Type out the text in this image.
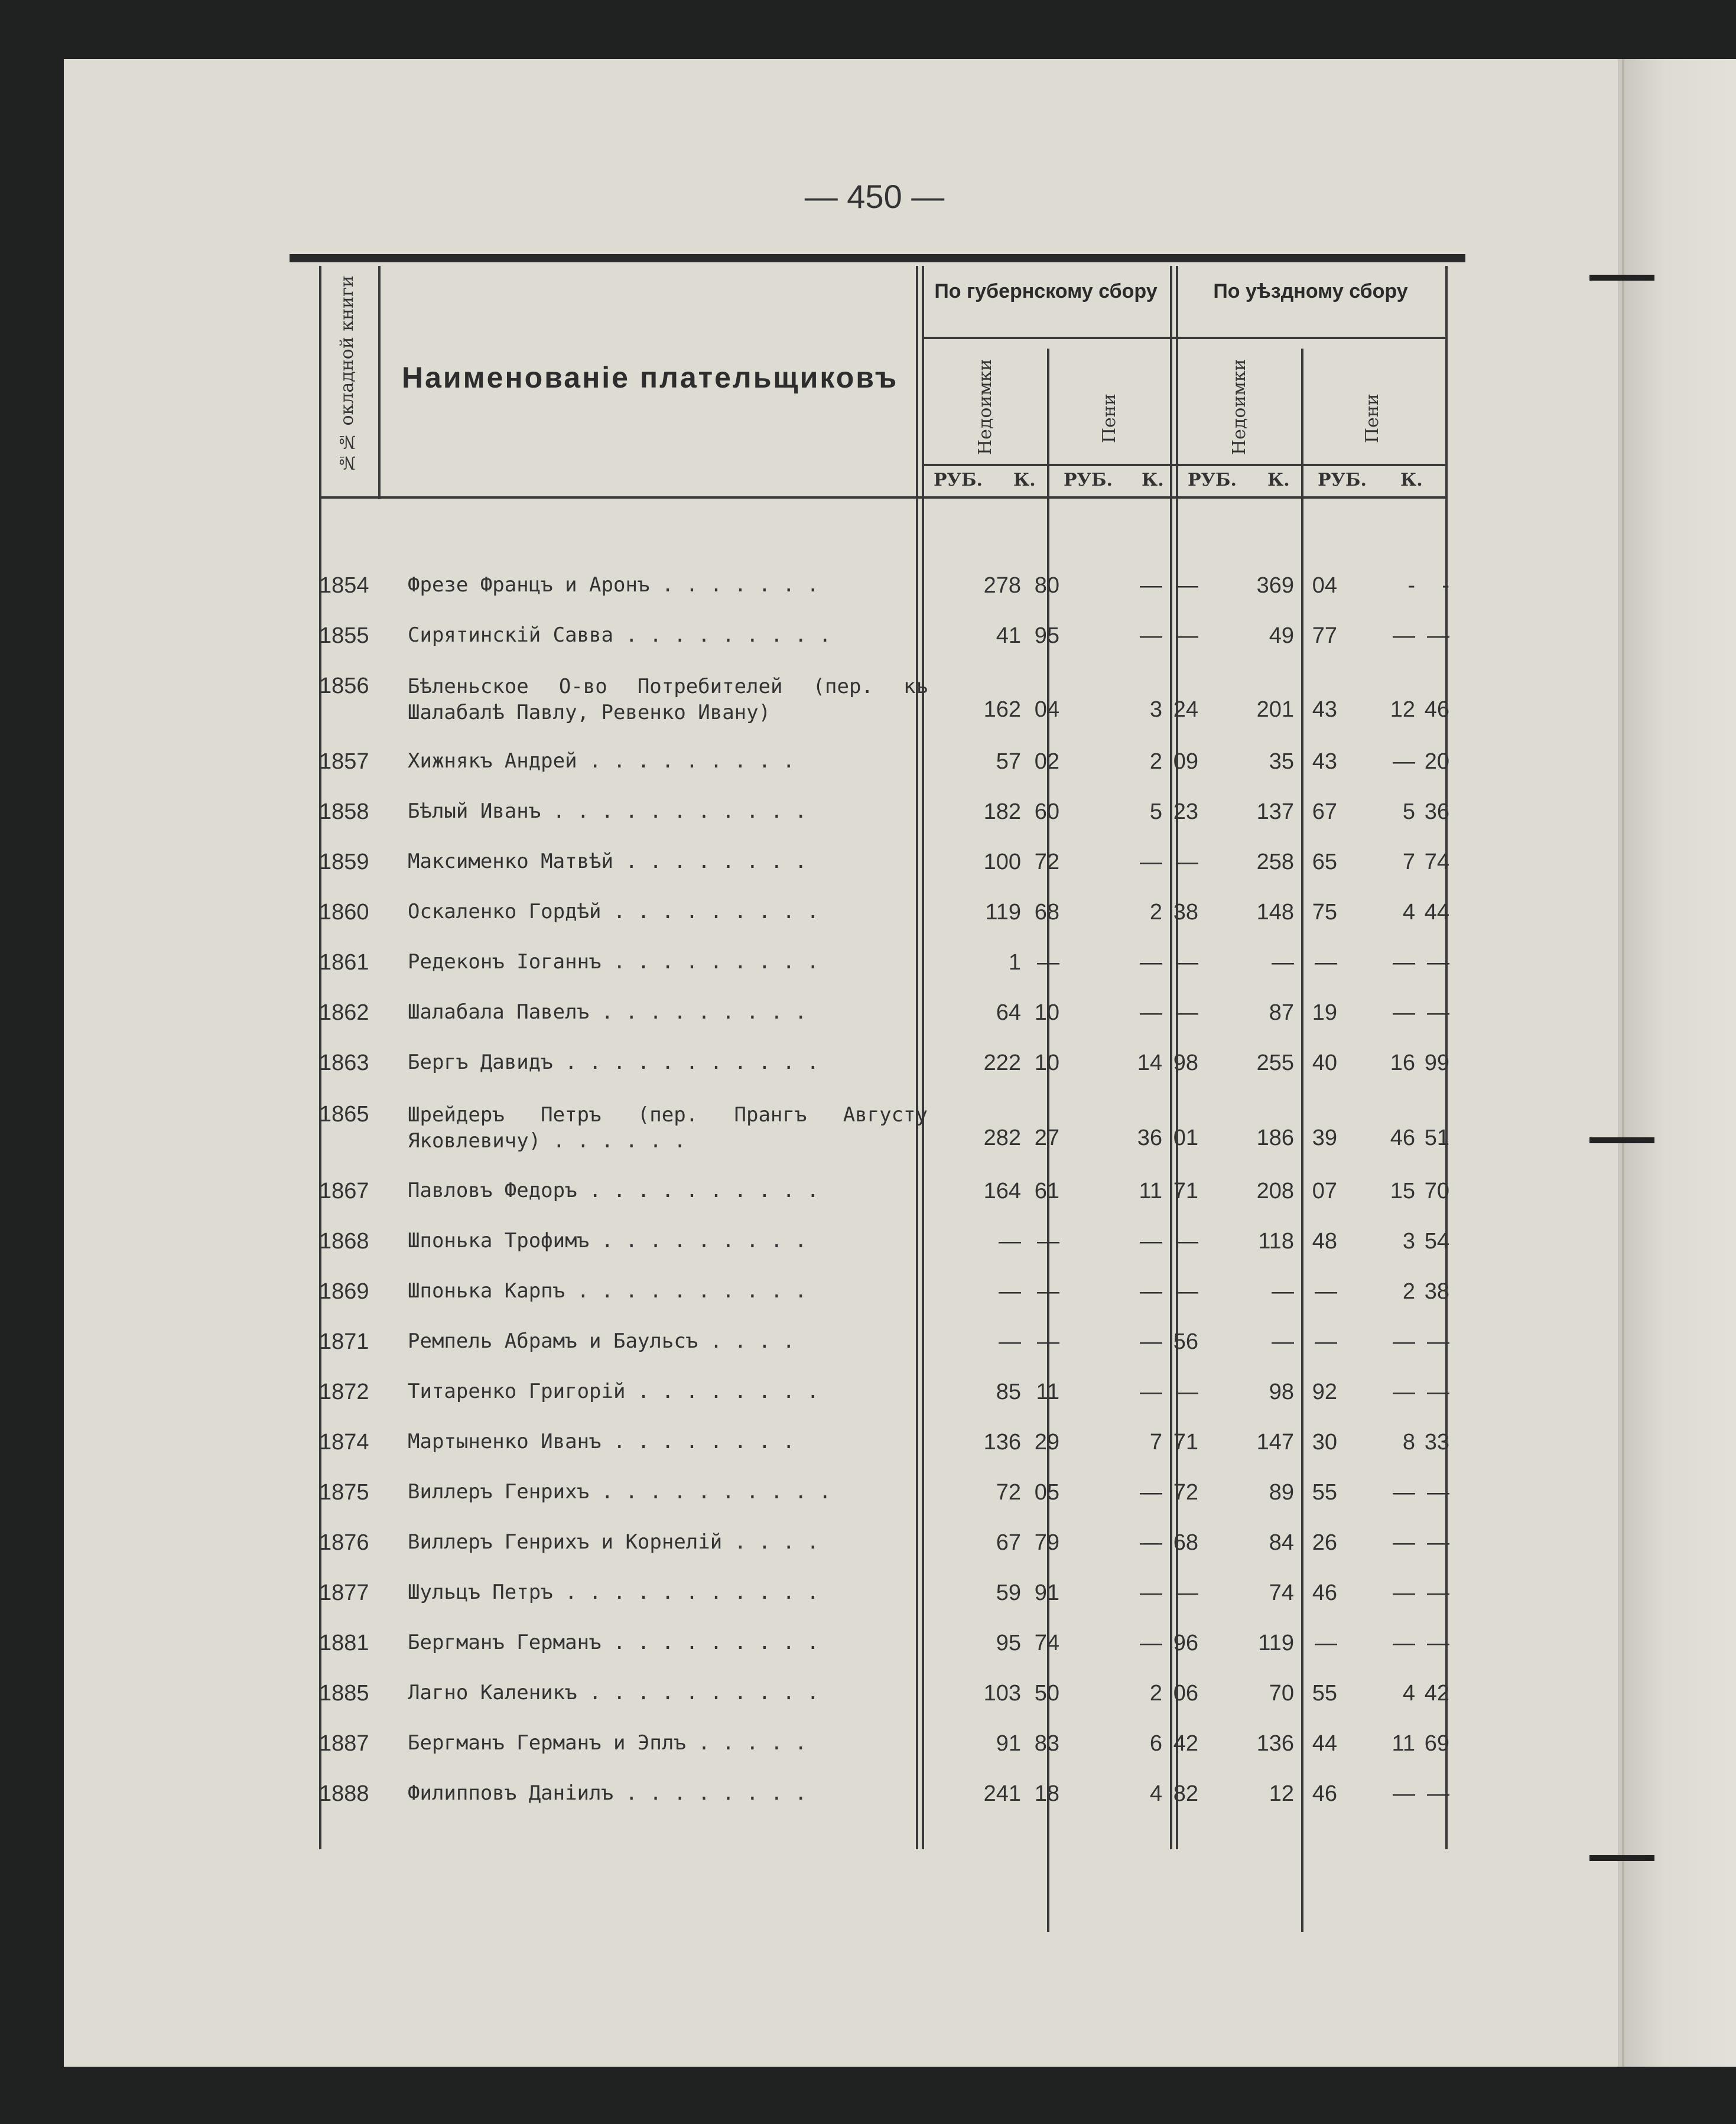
— 450 —
№№ окладной книги Наименованiе плательщиковъ
По губернскому сбору	По уѣздному сбору
Недоимки	Пени	Недоимки	Пени
РУБ. К. РУБ. К. РУБ. К. РУБ. К.
1854	Фрезе Францъ и Аронъ . . . . . . .	278 80	— —	369 04	-	-
1855	Сирятинскiй Савва . . . . . . . . .	41 95	— —	49 77	— —
1856	Бѣленьское О-во Потребителей (пер. къ Шалабалѣ Павлу, Ревенко Ивану)	162 04	3 24	201 43	12 46
1857	Хижнякъ Андрей . . . . . . . . .	57 02	2 09	35 43	— 20
1858	Бѣлый Иванъ . . . . . . . . . . .	182 60	5 23	137 67	5 36
1859	Максименко Матвѣй . . . . . . . .	100 72	— —	258 65	7 74
1860	Оскаленко Гордѣй . . . . . . . . .	119 68	2 38	148 75	4 44
1861	Редеконъ Iоганнъ . . . . . . . . .	1 —	— —	— —	— —
1862	Шалабала Павелъ . . . . . . . . .	64 10	— —	87 19	— —
1863	Бергъ Давидъ . . . . . . . . . . .	222 10	14 98	255 40	16 99
1865	Шрейдеръ Петръ (пер. Прангъ Августу Яковлевичу) . . . . . .	282 27	36 01	186 39	46 51
1867	Павловъ Федоръ . . . . . . . . . .	164 61	11 71	208 07	15 70
1868	Шпонька Трофимъ . . . . . . . . .	— —	— —	118 48	3 54
1869	Шпонька Карпъ . . . . . . . . . .	— —	— —	— —	2 38
1871	Ремпель Абрамъ и Баульсъ . . . .	— —	— 56	— —	— —
1872	Титаренко Григорiй . . . . . . . .	85 11	— —	98 92	— —
1874	Мартыненко Иванъ . . . . . . . .	136 29	7 71	147 30	8 33
1875	Виллеръ Генрихъ . . . . . . . . . .	72 05	— 72	89 55	— —
1876	Виллеръ Генрихъ и Корнелiй . . . .	67 79	— 68	84 26	— —
1877	Шульцъ Петръ . . . . . . . . . . .	59 91	— —	74 46	— —
1881	Бергманъ Германъ . . . . . . . . .	95 74	— 96	119 —	— —
1885	Лагно Каленикъ . . . . . . . . . .	103 50	2 06	70 55	4 42
1887	Бергманъ Германъ и Эплъ . . . . .	91 83	6 42	136 44	11 69
1888	Филипповъ Данiилъ . . . . . . . .	241 18	4 82	12 46	— —
